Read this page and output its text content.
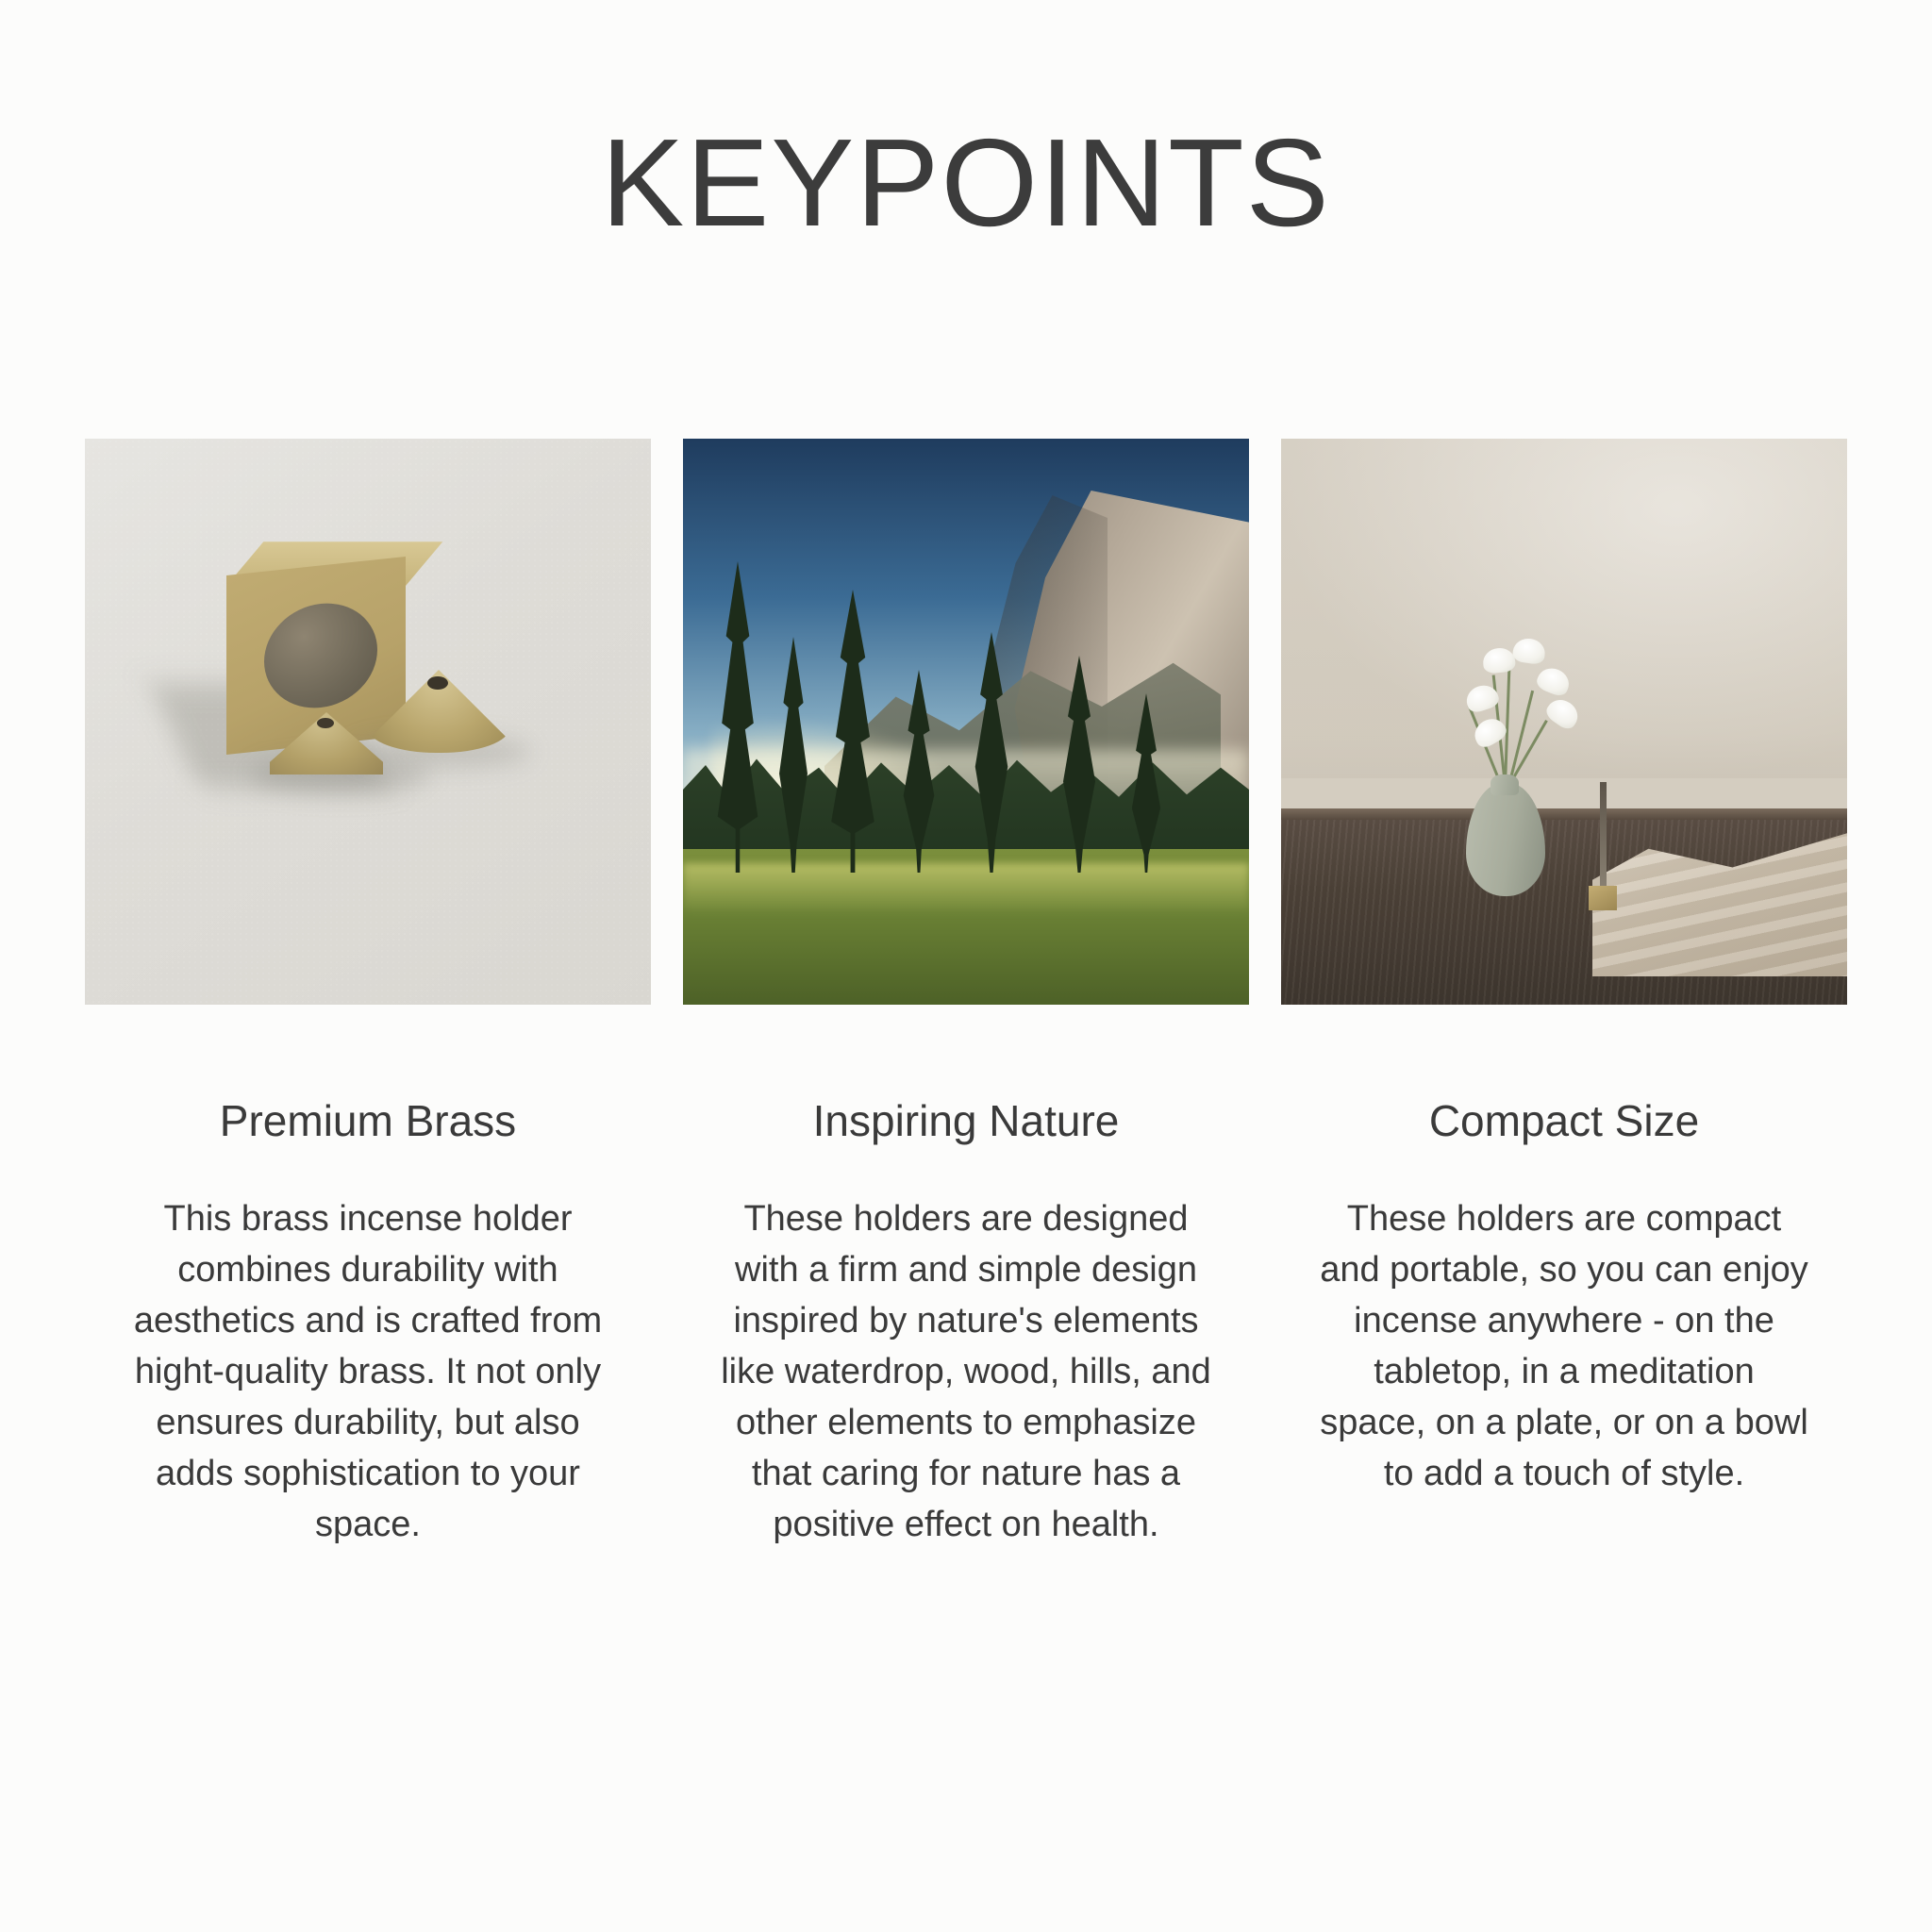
KEYPOINTS
Premium Brass
This brass incense holder combines durability with aesthetics and is crafted from hight-quality brass. It not only ensures durability, but also adds sophistication to your space.
Inspiring Nature
These holders are designed with a firm and simple design inspired by nature's elements like waterdrop, wood, hills, and other elements to emphasize that caring for nature has a positive effect on health.
Compact Size
These holders are compact and portable, so you can enjoy incense anywhere - on the tabletop, in a meditation space, on a plate, or on a bowl to add a touch of style.
